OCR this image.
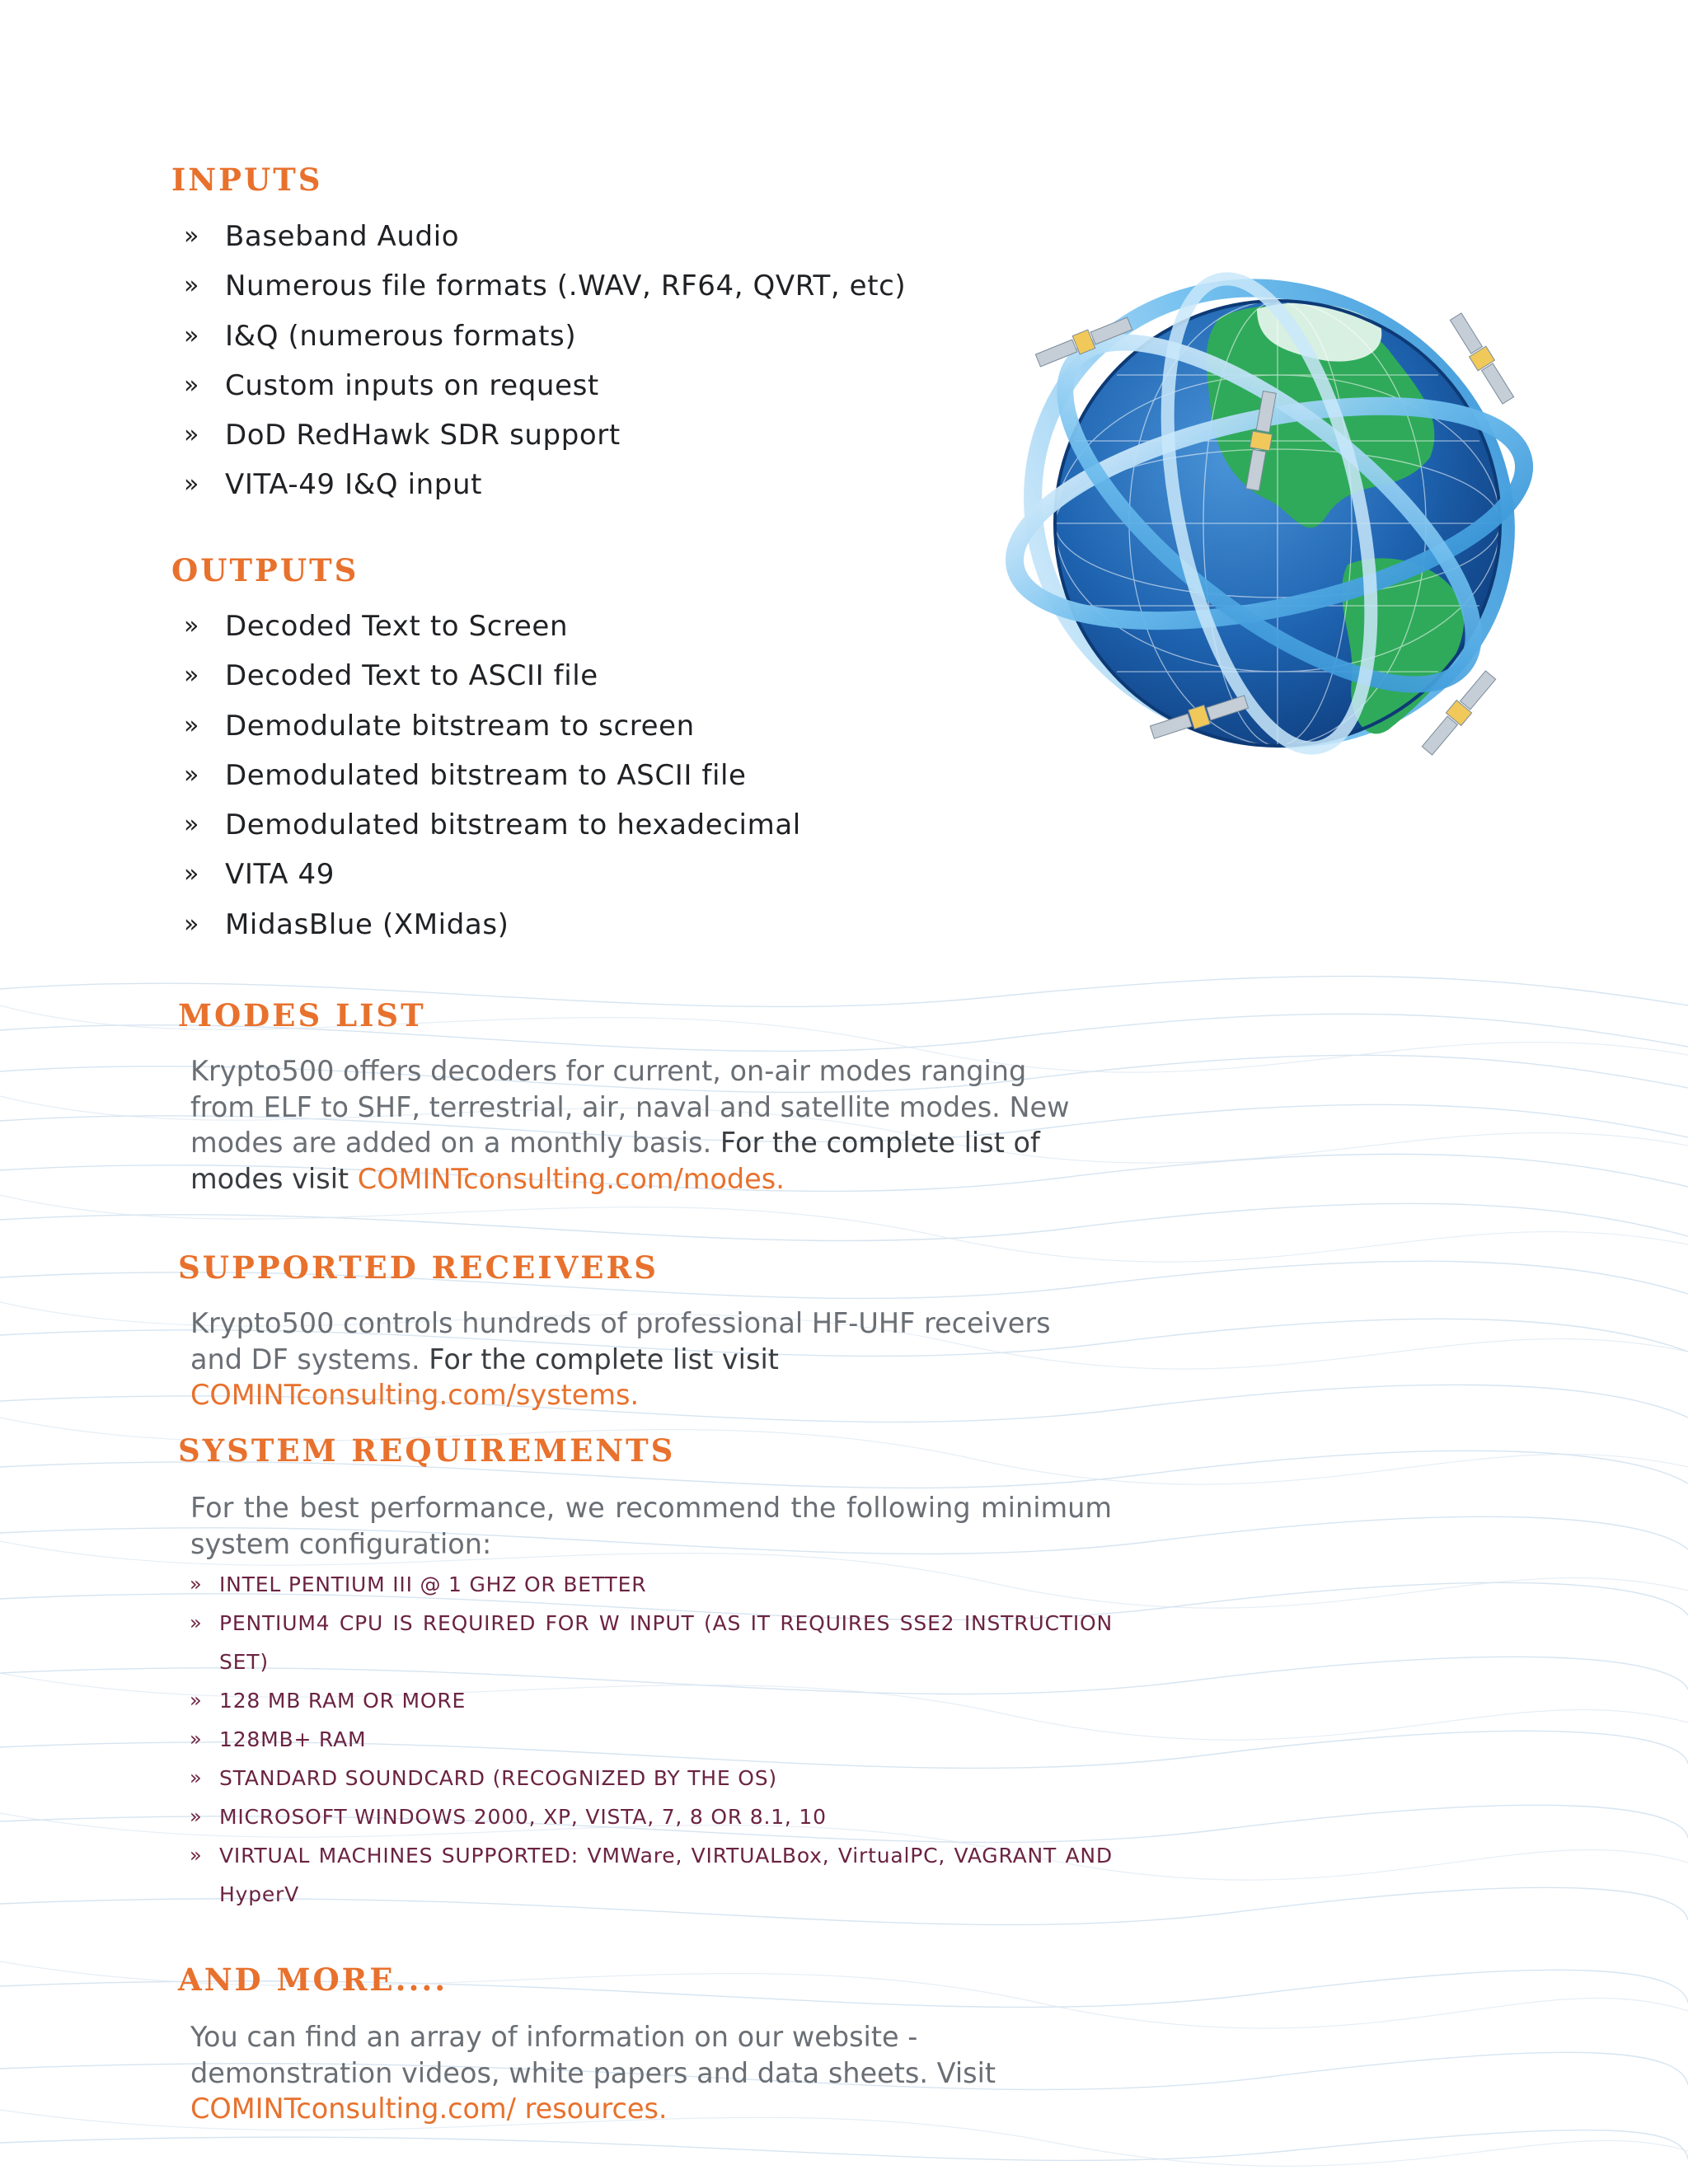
INPUTS
» Baseband Audio
» Numerous file formats (.WAV, RF64, QVRT, etc)
» I&Q (numerous formats)
» Custom inputs on request
» DoD RedHawk SDR support
» VITA-49 I&Q input
OUTPUTS
» Decoded Text to Screen
» Decoded Text to ASCII file
» Demodulate bitstream to screen
» Demodulated bitstream to ASCII file
» Demodulated bitstream to hexadecimal
» VITA 49
» MidasBlue (XMidas)
MODES LIST

Krypto500 offers decoders for current, on-air modes ranging from ELF to SHF, terrestrial, air, naval and satellite modes. New modes are added on a monthly basis. For the complete list of modes visit COMINTconsulting.com/modes.

SUPPORTED RECEIVERS

Krypto500 controls hundreds of professional HF-UHF receivers and DF systems. For the complete list visit COMINTconsulting.com/systems.

SYSTEM REQUIREMENTS

For the best performance, we recommend the following minimum system configuration:

» INTEL PENTIUM III @ 1 GHZ OR BETTER
» PENTIUM4 CPU IS REQUIRED FOR W INPUT (AS IT REQUIRES SSE2 INSTRUCTION SET)
» 128 MB RAM OR MORE
» 128MB+ RAM
» STANDARD SOUNDCARD (RECOGNIZED BY THE OS)
» MICROSOFT WINDOWS 2000, XP, VISTA, 7, 8 OR 8.1, 10
» VIRTUAL MACHINES SUPPORTED: VMWare, VIRTUALBox, VirtualPC, VAGRANT AND HyperV
AND MORE....

You can find an array of information on our website - demonstration videos, white papers and data sheets. Visit COMINTconsulting.com/ resources.
